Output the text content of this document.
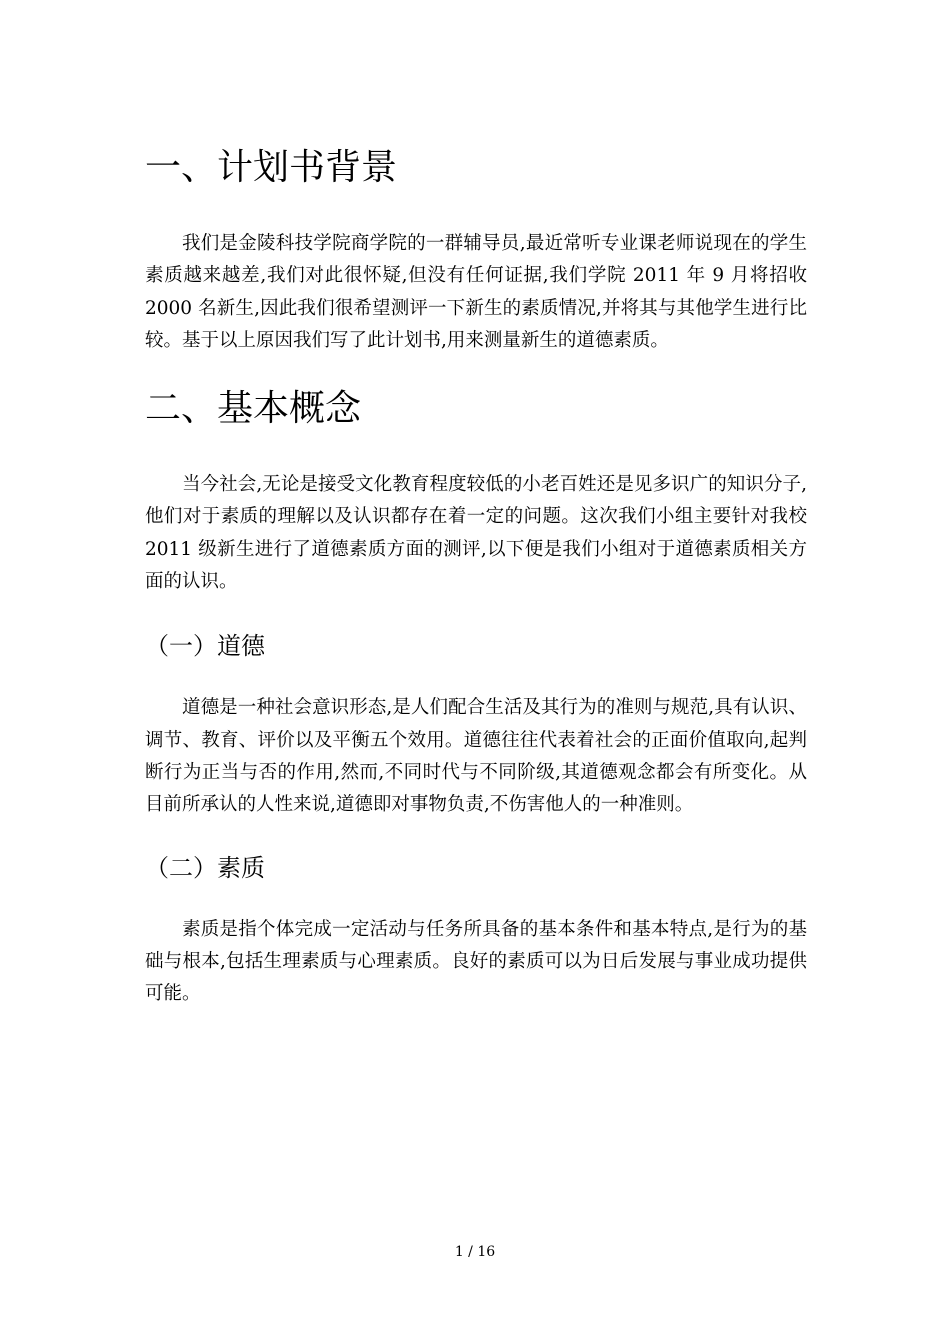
一、计划书背景

我们是金陵科技学院商学院的一群辅导员,最近常听专业课老师说现在的学生素质越来越差,我们对此很怀疑,但没有任何证据,我们学院 2011 年 9 月将招收 2000 名新生,因此我们很希望测评一下新生的素质情况,并将其与其他学生进行比较。基于以上原因我们写了此计划书,用来测量新生的道德素质。

二、基本概念

当今社会,无论是接受文化教育程度较低的小老百姓还是见多识广的知识分子,他们对于素质的理解以及认识都存在着一定的问题。这次我们小组主要针对我校 2011 级新生进行了道德素质方面的测评,以下便是我们小组对于道德素质相关方面的认识。

（一）道德

道德是一种社会意识形态,是人们配合生活及其行为的准则与规范,具有认识、调节、教育、评价以及平衡五个效用。道德往往代表着社会的正面价值取向,起判断行为正当与否的作用,然而,不同时代与不同阶级,其道德观念都会有所变化。从目前所承认的人性来说,道德即对事物负责,不伤害他人的一种准则。

（二）素质

素质是指个体完成一定活动与任务所具备的基本条件和基本特点,是行为的基础与根本,包括生理素质与心理素质。良好的素质可以为日后发展与事业成功提供可能。

1 / 16
